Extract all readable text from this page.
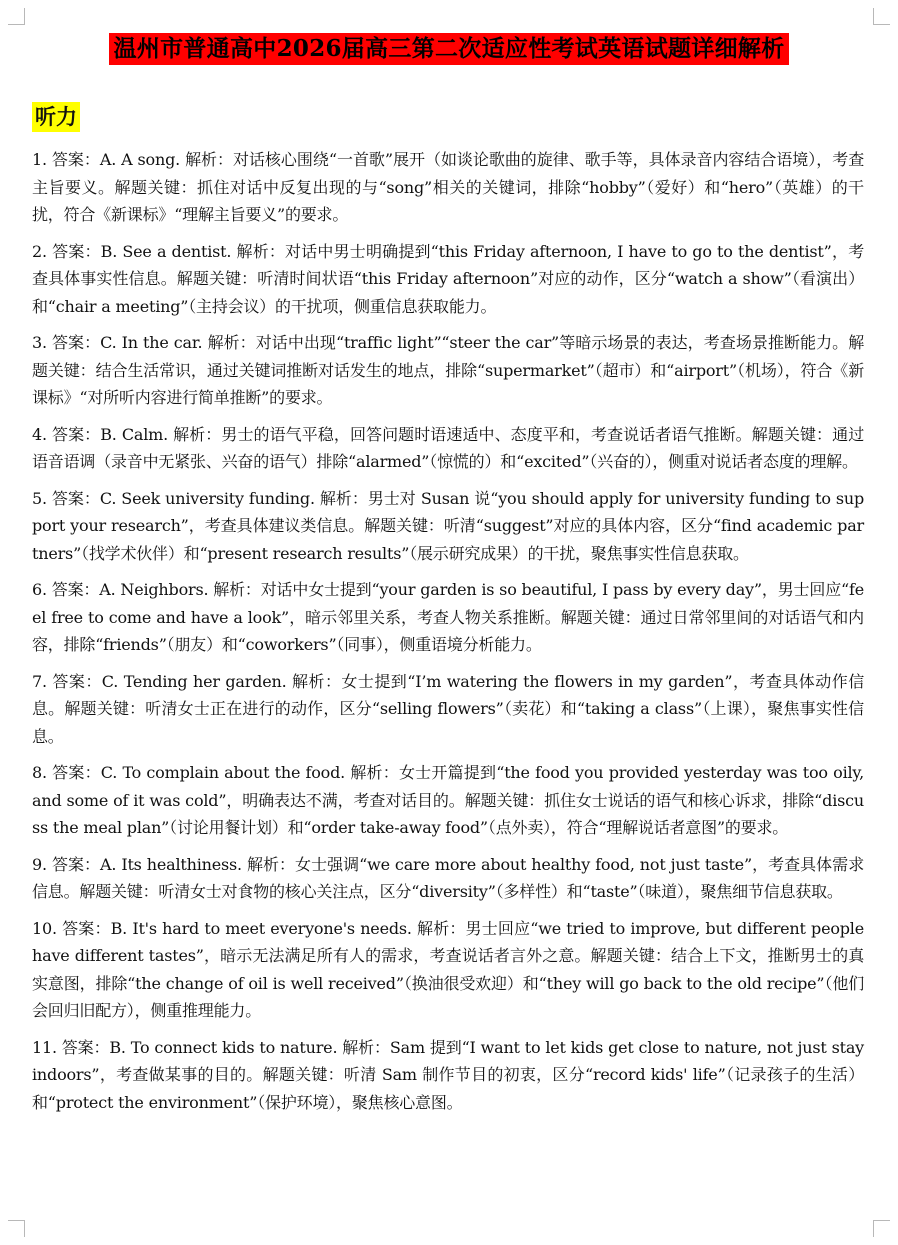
温州市普通高中2026届高三第二次适应性考试英语试题详细解析
听力

1. 答案：A. A song. 解析：对话核心围绕“一首歌”展开（如谈论歌曲的旋律、歌手等，具体录音内容结合语境），考查主旨要义。解题关键：抓住对话中反复出现的与“song”相关的关键词，排除“hobby”（爱好）和“hero”（英雄）的干扰，符合《新课标》“理解主旨要义”的要求。

2. 答案：B. See a dentist. 解析：对话中男士明确提到“this Friday afternoon, I have to go to the dentist”，考查具体事实性信息。解题关键：听清时间状语“this Friday afternoon”对应的动作，区分“watch a show”（看演出）和“chair a meeting”（主持会议）的干扰项，侧重信息获取能力。

3. 答案：C. In the car. 解析：对话中出现“traffic light”“steer the car”等暗示场景的表达，考查场景推断能力。解题关键：结合生活常识，通过关键词推断对话发生的地点，排除“supermarket”（超市）和“airport”（机场），符合《新课标》“对所听内容进行简单推断”的要求。

4. 答案：B. Calm. 解析：男士的语气平稳，回答问题时语速适中、态度平和，考查说话者语气推断。解题关键：通过语音语调（录音中无紧张、兴奋的语气）排除“alarmed”（惊慌的）和“excited”（兴奋的），侧重对说话者态度的理解。

5. 答案：C. Seek university funding. 解析：男士对 Susan 说“you should apply for university funding to support your research”，考查具体建议类信息。解题关键：听清“suggest”对应的具体内容，区分“find academic partners”（找学术伙伴）和“present research results”（展示研究成果）的干扰，聚焦事实性信息获取。

6. 答案：A. Neighbors. 解析：对话中女士提到“your garden is so beautiful, I pass by every day”，男士回应“feel free to come and have a look”，暗示邻里关系，考查人物关系推断。解题关键：通过日常邻里间的对话语气和内容，排除“friends”（朋友）和“coworkers”（同事），侧重语境分析能力。

7. 答案：C. Tending her garden. 解析：女士提到“I’m watering the flowers in my garden”，考查具体动作信息。解题关键：听清女士正在进行的动作，区分“selling flowers”（卖花）和“taking a class”（上课），聚焦事实性信息。

8. 答案：C. To complain about the food. 解析：女士开篇提到“the food you provided yesterday was too oily, and some of it was cold”，明确表达不满，考查对话目的。解题关键：抓住女士说话的语气和核心诉求，排除“discuss the meal plan”（讨论用餐计划）和“order take-away food”（点外卖），符合“理解说话者意图”的要求。

9. 答案：A. Its healthiness. 解析：女士强调“we care more about healthy food, not just taste”，考查具体需求信息。解题关键：听清女士对食物的核心关注点，区分“diversity”（多样性）和“taste”（味道），聚焦细节信息获取。

10. 答案：B. It's hard to meet everyone's needs. 解析：男士回应“we tried to improve, but different people have different tastes”，暗示无法满足所有人的需求，考查说话者言外之意。解题关键：结合上下文，推断男士的真实意图，排除“the change of oil is well received”（换油很受欢迎）和“they will go back to the old recipe”（他们会回归旧配方），侧重推理能力。

11. 答案：B. To connect kids to nature. 解析：Sam 提到“I want to let kids get close to nature, not just stay indoors”，考查做某事的目的。解题关键：听清 Sam 制作节目的初衷，区分“record kids' life”（记录孩子的生活）和“protect the environment”（保护环境），聚焦核心意图。
